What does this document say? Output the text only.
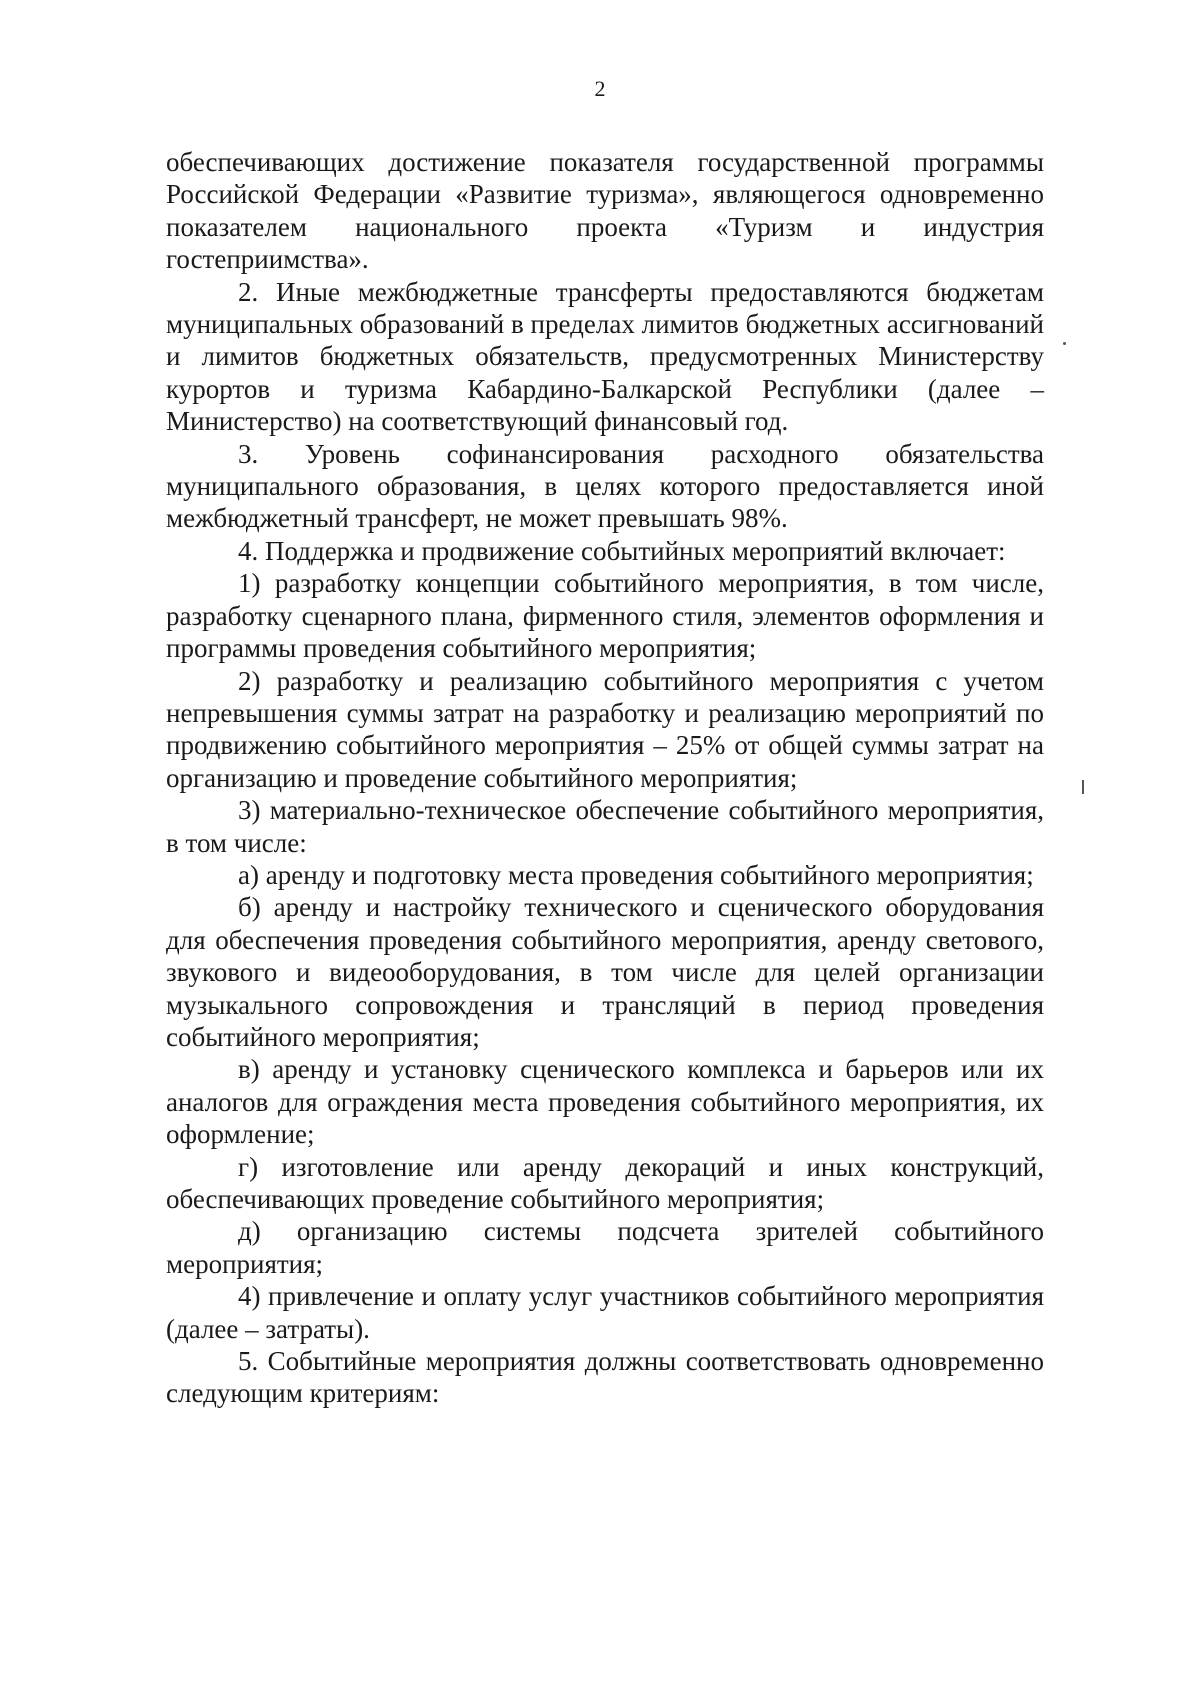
2

обеспечивающих достижение показателя государственной программы Российской Федерации «Развитие туризма», являющегося одновременно показателем национального проекта «Туризм и индустрия гостеприимства».

2. Иные межбюджетные трансферты предоставляются бюджетам муниципальных образований в пределах лимитов бюджетных ассигнований и лимитов бюджетных обязательств, предусмотренных Министерству курортов и туризма Кабардино-Балкарской Республики (далее – Министерство) на соответствующий финансовый год.

3. Уровень софинансирования расходного обязательства муниципального образования, в целях которого предоставляется иной межбюджетный трансферт, не может превышать 98%.

4. Поддержка и продвижение событийных мероприятий включает:

1) разработку концепции событийного мероприятия, в том числе, разработку сценарного плана, фирменного стиля, элементов оформления и программы проведения событийного мероприятия;

2) разработку и реализацию событийного мероприятия с учетом непревышения суммы затрат на разработку и реализацию мероприятий по продвижению событийного мероприятия – 25% от общей суммы затрат на организацию и проведение событийного мероприятия;

3) материально-техническое обеспечение событийного мероприятия, в том числе:

а) аренду и подготовку места проведения событийного мероприятия;

б) аренду и настройку технического и сценического оборудования для обеспечения проведения событийного мероприятия, аренду светового, звукового и видеооборудования, в том числе для целей организации музыкального сопровождения и трансляций в период проведения событийного мероприятия;

в) аренду и установку сценического комплекса и барьеров или их аналогов для ограждения места проведения событийного мероприятия, их оформление;

г) изготовление или аренду декораций и иных конструкций, обеспечивающих проведение событийного мероприятия;

д) организацию системы подсчета зрителей событийного мероприятия;

4) привлечение и оплату услуг участников событийного мероприятия (далее – затраты).

5. Событийные мероприятия должны соответствовать одновременно следующим критериям:
